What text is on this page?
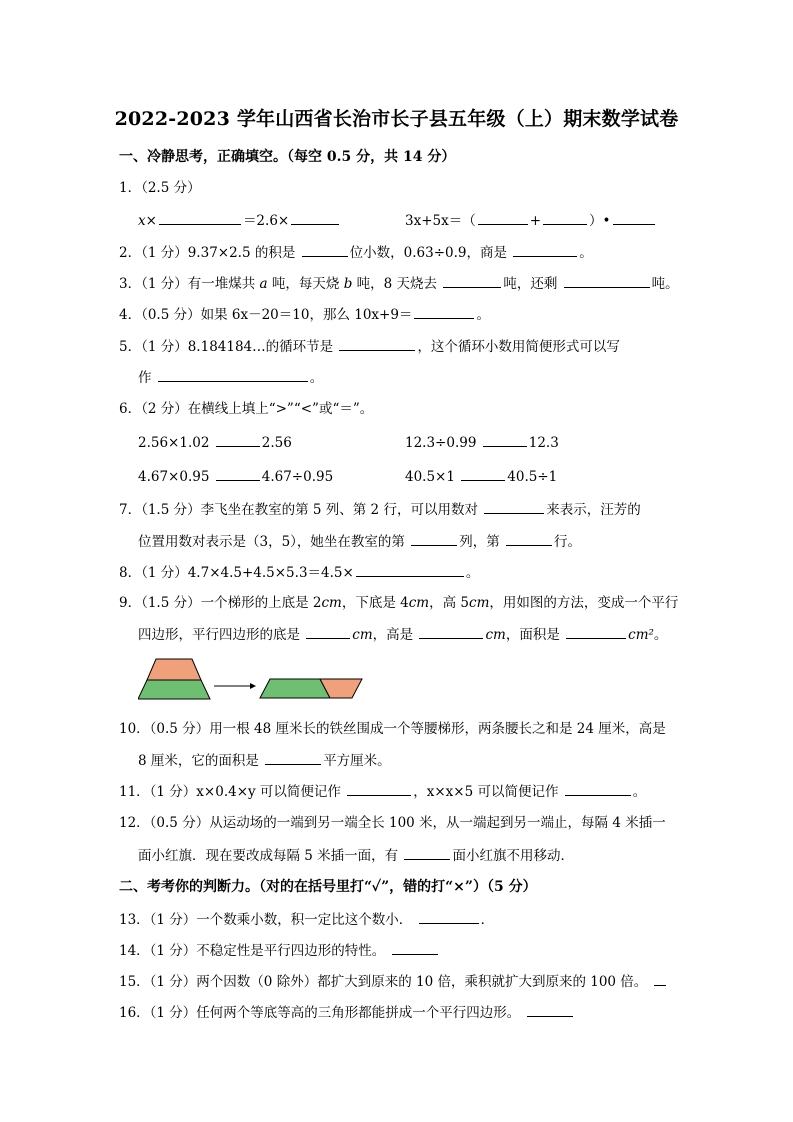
2022-2023 学年山西省长治市长子县五年级（上）期末数学试卷
一、冷静思考，正确填空。（每空 0.5 分，共 14 分）
1．（2.5 分）
x×	＝2.6×	3x+5x＝（	+	）•
2．（1 分）9.37×2.5 的积是	位小数，0.63÷0.9，商是	。
3．（1 分）有一堆煤共 a 吨，每天烧 b 吨，8 天烧去	吨，还剩	吨。
4．（0.5 分）如果 6x－20＝10，那么 10x+9＝	。
5．（1 分）8.184184…的循环节是	，这个循环小数用简便形式可以写
作	。
6．（2 分）在横线上填上“>”“<”或“＝”。
2.56×1.02	2.56	12.3÷0.99	12.3
4.67×0.95	4.67÷0.95	40.5×1	40.5÷1
7．（1.5 分）李飞坐在教室的第 5 列、第 2 行，可以用数对	来表示，汪芳的
位置用数对表示是（3，5），她坐在教室的第	列，第	行。
8．（1 分）4.7×4.5+4.5×5.3＝4.5×	。
9．（1.5 分）一个梯形的上底是 2cm，下底是 4cm，高 5cm，用如图的方法，变成一个平行
四边形，平行四边形的底是	cm，高是	cm，面积是	cm²。
10．（0.5 分）用一根 48 厘米长的铁丝围成一个等腰梯形，两条腰长之和是 24 厘米，高是
8 厘米，它的面积是	平方厘米。
11．（1 分）x×0.4×y 可以简便记作	，x×x×5 可以简便记作	。
12．（0.5 分）从运动场的一端到另一端全长 100 米，从一端起到另一端止，每隔 4 米插一
面小红旗．现在要改成每隔 5 米插一面，有	面小红旗不用移动．
二、考考你的判断力。（对的在括号里打“✓”，错的打“×”）（5 分）
13．（1 分）一个数乘小数，积一定比这个数小．	．
14．（1 分）不稳定性是平行四边形的特性。
15．（1 分）两个因数（0 除外）都扩大到原来的 10 倍，乘积就扩大到原来的 100 倍。
16．（1 分）任何两个等底等高的三角形都能拼成一个平行四边形。
